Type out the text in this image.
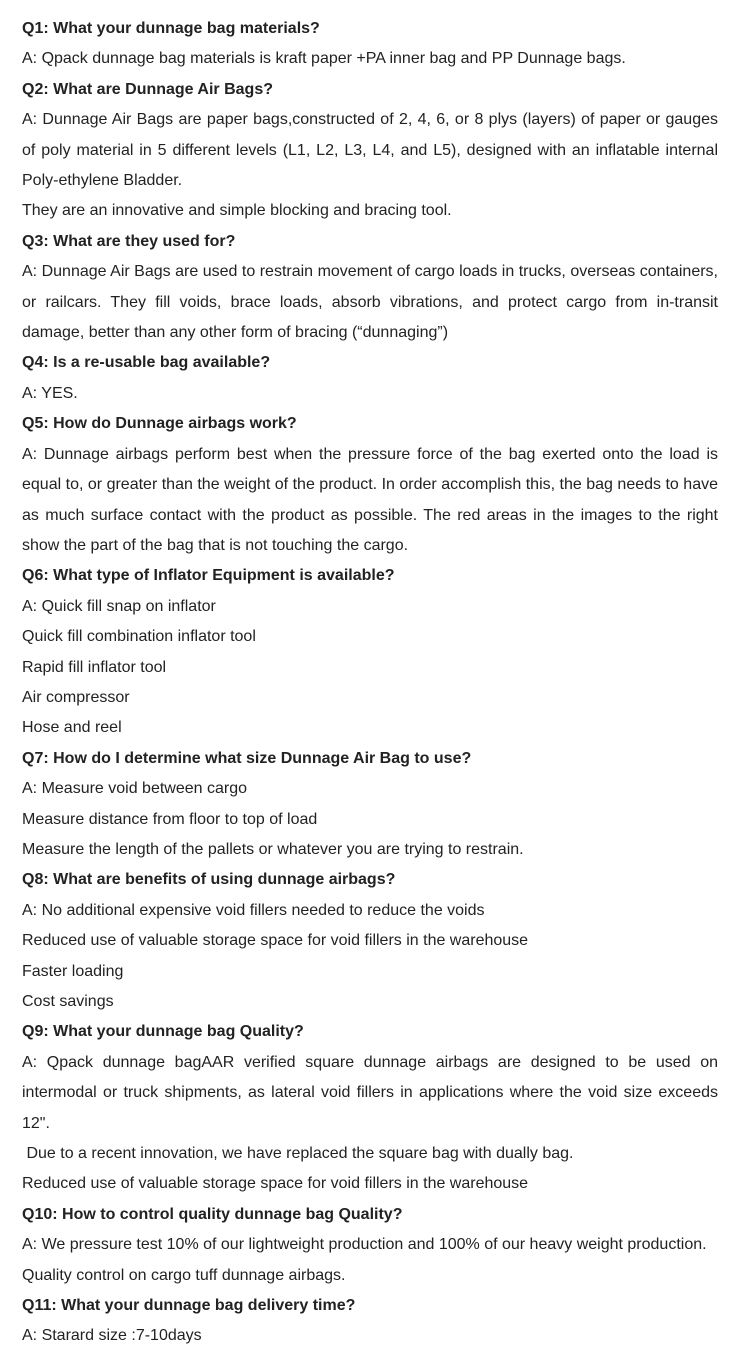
Q1: What your dunnage bag materials?
A: Qpack dunnage bag materials is kraft paper +PA inner bag and PP Dunnage bags.
Q2: What are Dunnage Air Bags?
A: Dunnage Air Bags are paper bags,constructed of 2, 4, 6, or 8 plys (layers) of paper or gauges of poly material in 5 different levels (L1, L2, L3, L4, and L5), designed with an inflatable internal Poly-ethylene Bladder.
They are an innovative and simple blocking and bracing tool.
Q3: What are they used for?
A: Dunnage Air Bags are used to restrain movement of cargo loads in trucks, overseas containers, or railcars. They fill voids, brace loads, absorb vibrations, and protect cargo from in-transit damage, better than any other form of bracing (“dunnaging”)
Q4: Is a re-usable bag available?
A: YES.
Q5: How do Dunnage airbags work?
A: Dunnage airbags perform best when the pressure force of the bag exerted onto the load is equal to, or greater than the weight of the product. In order accomplish this, the bag needs to have as much surface contact with the product as possible. The red areas in the images to the right show the part of the bag that is not touching the cargo.
Q6: What type of Inflator Equipment is available?
A: Quick fill snap on inflator
Quick fill combination inflator tool
Rapid fill inflator tool
Air compressor
Hose and reel
Q7: How do I determine what size Dunnage Air Bag to use?
A: Measure void between cargo
Measure distance from floor to top of load
Measure the length of the pallets or whatever you are trying to restrain.
Q8: What are benefits of using dunnage airbags?
A: No additional expensive void fillers needed to reduce the voids
Reduced use of valuable storage space for void fillers in the warehouse
Faster loading
Cost savings
Q9: What your dunnage bag Quality?
A: Qpack dunnage bagAAR verified square dunnage airbags are designed to be used on intermodal or truck shipments, as lateral void fillers in applications where the void size exceeds 12".
Due to a recent innovation, we have replaced the square bag with dually bag.
Reduced use of valuable storage space for void fillers in the warehouse
Q10: How to control quality dunnage bag Quality?
A: We pressure test 10% of our lightweight production and 100% of our heavy weight production.
Quality control on cargo tuff dunnage airbags.
Q11: What your dunnage bag delivery time?
A: Starard size :7-10days
